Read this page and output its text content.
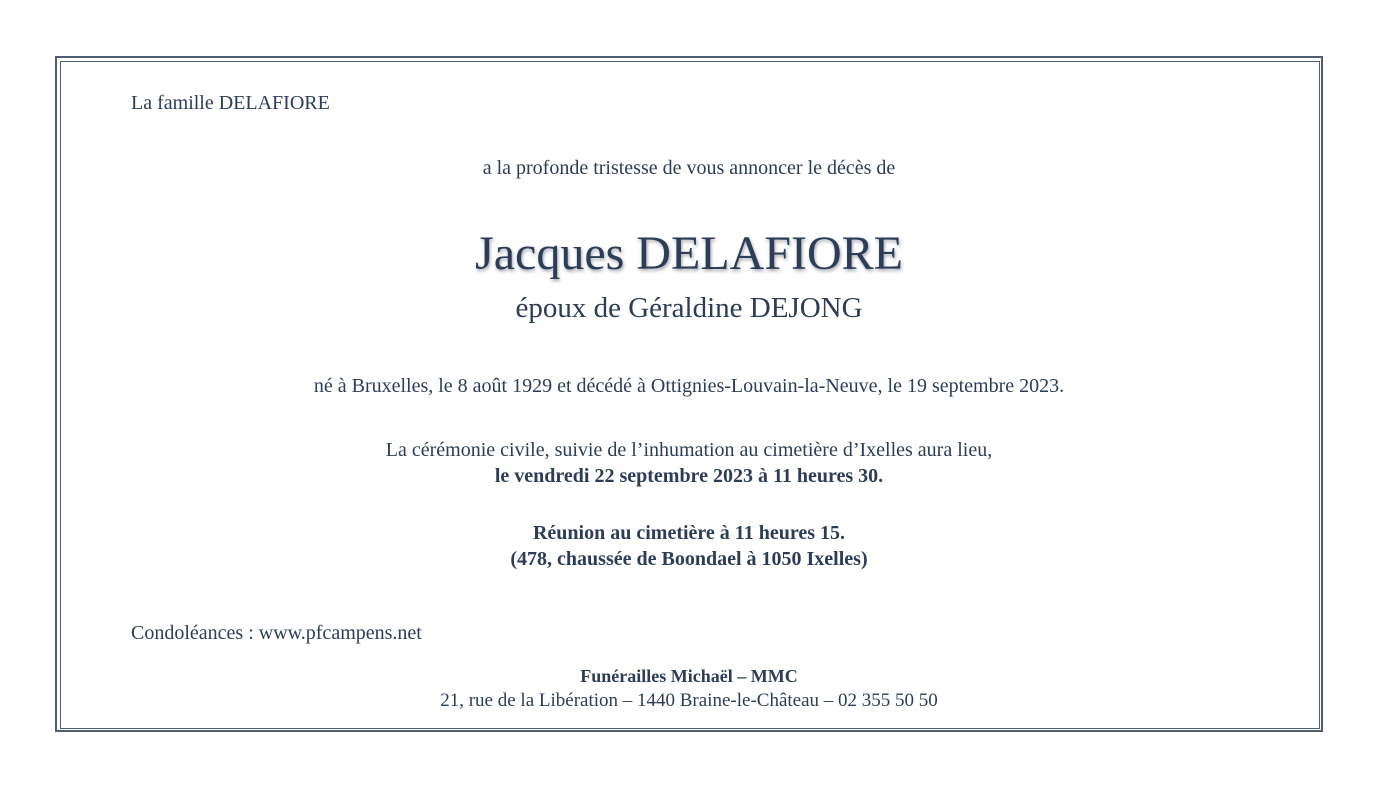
La famille DELAFIORE
a la profonde tristesse de vous annoncer le décès de
Jacques DELAFIORE
époux de Géraldine DEJONG
né à Bruxelles, le 8 août 1929 et décédé à Ottignies-Louvain-la-Neuve, le 19 septembre 2023.
La cérémonie civile, suivie de l’inhumation au cimetière d’Ixelles aura lieu,
le vendredi 22 septembre 2023 à 11 heures 30.
Réunion au cimetière à 11 heures 15.
(478, chaussée de Boondael à 1050 Ixelles)
Condoléances : www.pfcampens.net
Funérailles Michaël – MMC
21, rue de la Libération – 1440 Braine-le-Château – 02 355 50 50
